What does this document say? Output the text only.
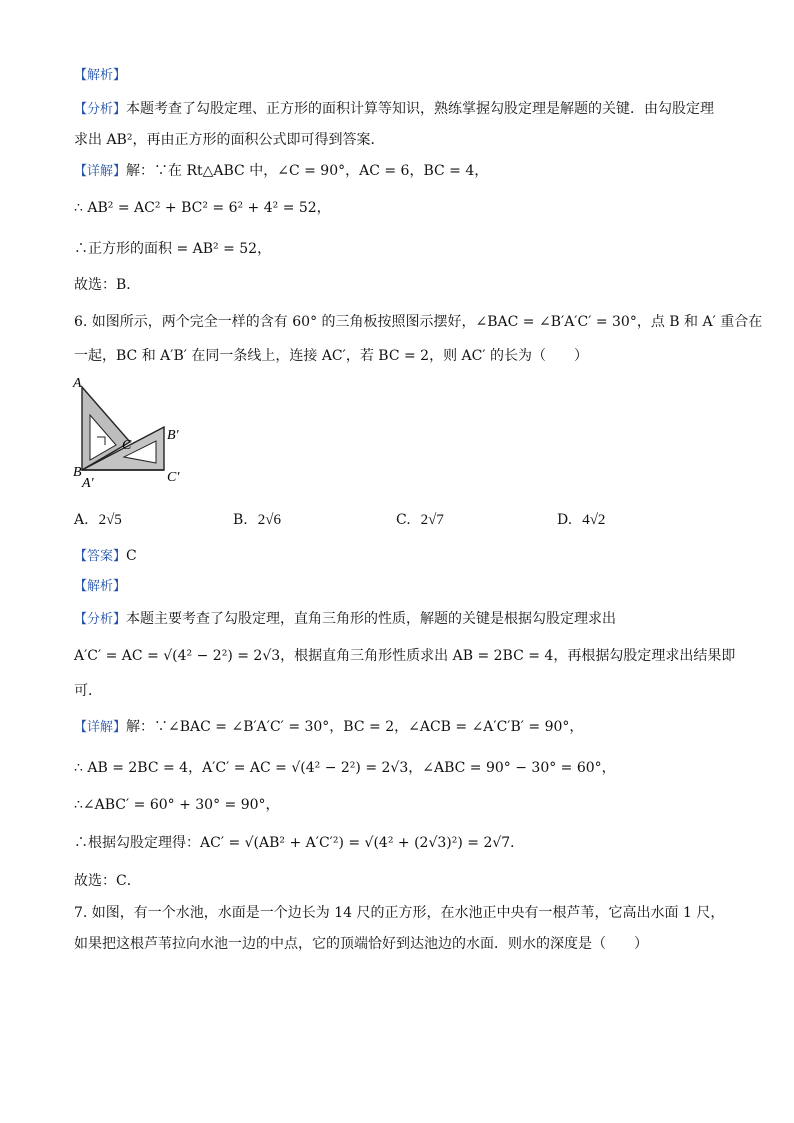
【解析】
【分析】本题考查了勾股定理、正方形的面积计算等知识，熟练掌握勾股定理是解题的关键．由勾股定理
求出 AB²，再由正方形的面积公式即可得到答案．
【详解】解：∵在 Rt△ABC 中，∠C = 90°，AC = 6，BC = 4，
∴ AB² = AC² + BC² = 6² + 4² = 52，
∴正方形的面积 = AB² = 52，
故选：B．
6. 如图所示，两个完全一样的含有 60° 的三角板按照图示摆好，∠BAC = ∠B′A′C′ = 30°，点 B 和 A′ 重合在
一起，BC 和 A′B′ 在同一条线上，连接 AC′，若 BC = 2，则 AC′ 的长为（　　）
A
B
A′
C
B′
C′
A. 2√5	B. 2√6	C. 2√7	D. 4√2
【答案】C
【解析】
【分析】本题主要考查了勾股定理，直角三角形的性质，解题的关键是根据勾股定理求出
A′C′ = AC = √(4² − 2²) = 2√3，根据直角三角形性质求出 AB = 2BC = 4，再根据勾股定理求出结果即
可．
【详解】解：∵∠BAC = ∠B′A′C′ = 30°，BC = 2，∠ACB = ∠A′C′B′ = 90°，
∴ AB = 2BC = 4，A′C′ = AC = √(4² − 2²) = 2√3，∠ABC = 90° − 30° = 60°，
∴∠ABC′ = 60° + 30° = 90°，
∴根据勾股定理得：AC′ = √(AB² + A′C′²) = √(4² + (2√3)²) = 2√7．
故选：C．
7. 如图，有一个水池，水面是一个边长为 14 尺的正方形，在水池正中央有一根芦苇，它高出水面 1 尺，
如果把这根芦苇拉向水池一边的中点，它的顶端恰好到达池边的水面．则水的深度是（　　）
